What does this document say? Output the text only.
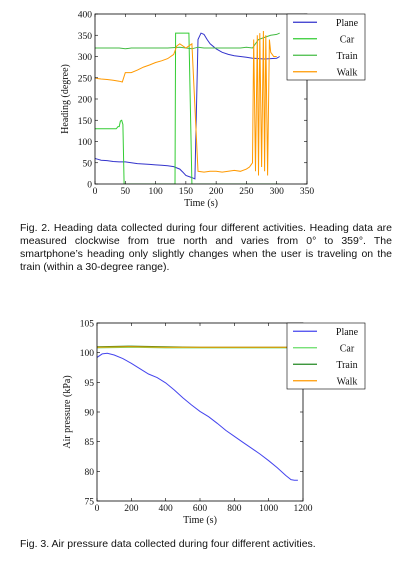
0 50 100 150 200 250 300 350
0
50
100
150
200
250
300
350
400
Time (s)
Heading (degree)
Plane
Car
Train
Walk
Fig. 2. Heading data collected during four different activities. Heading data are measured clockwise from true north and varies from 0° to 359°. The smartphone’s heading only slightly changes when the user is traveling on the train (within a 30-degree range).
0	200 400 600 800 1000 1200
75
80
85
90
95
100
105
Time (s)
Air pressure (kPa)
Plane
Car
Train
Walk
Fig. 3. Air pressure data collected during four different activities.
